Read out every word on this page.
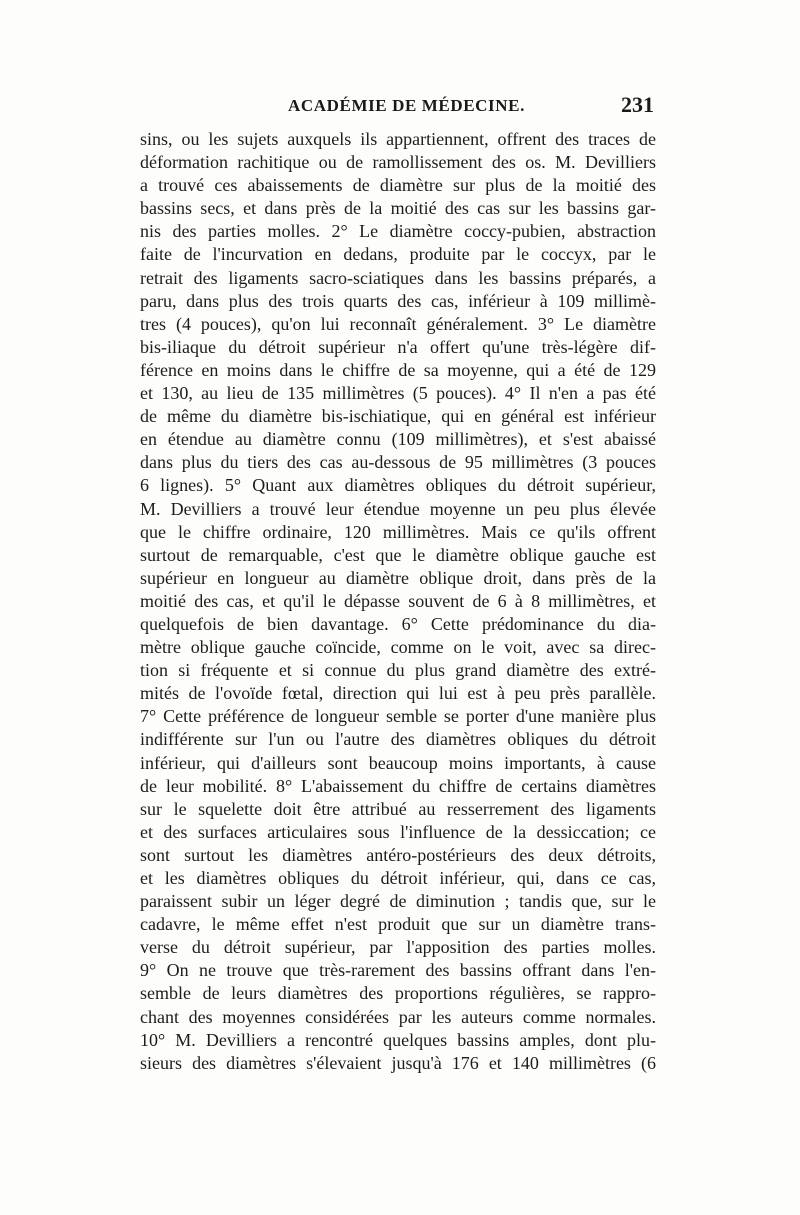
ACADÉMIE DE MÉDECINE.	231
sins, ou les sujets auxquels ils appartiennent, offrent des traces de
déformation rachitique ou de ramollissement des os. M. Devilliers
a trouvé ces abaissements de diamètre sur plus de la moitié des
bassins secs, et dans près de la moitié des cas sur les bassins gar-
nis des parties molles. 2° Le diamètre coccy-pubien, abstraction
faite de l'incurvation en dedans, produite par le coccyx, par le
retrait des ligaments sacro-sciatiques dans les bassins préparés, a
paru, dans plus des trois quarts des cas, inférieur à 109 millimè-
tres (4 pouces), qu'on lui reconnaît généralement. 3° Le diamètre
bis-iliaque du détroit supérieur n'a offert qu'une très-légère dif-
férence en moins dans le chiffre de sa moyenne, qui a été de 129
et 130, au lieu de 135 millimètres (5 pouces). 4° Il n'en a pas été
de même du diamètre bis-ischiatique, qui en général est inférieur
en étendue au diamètre connu (109 millimètres), et s'est abaissé
dans plus du tiers des cas au-dessous de 95 millimètres (3 pouces
6 lignes). 5° Quant aux diamètres obliques du détroit supérieur,
M. Devilliers a trouvé leur étendue moyenne un peu plus élevée
que le chiffre ordinaire, 120 millimètres. Mais ce qu'ils offrent
surtout de remarquable, c'est que le diamètre oblique gauche est
supérieur en longueur au diamètre oblique droit, dans près de la
moitié des cas, et qu'il le dépasse souvent de 6 à 8 millimètres, et
quelquefois de bien davantage. 6° Cette prédominance du dia-
mètre oblique gauche coïncide, comme on le voit, avec sa direc-
tion si fréquente et si connue du plus grand diamètre des extré-
mités de l'ovoïde fœtal, direction qui lui est à peu près parallèle.
7° Cette préférence de longueur semble se porter d'une manière plus
indifférente sur l'un ou l'autre des diamètres obliques du détroit
inférieur, qui d'ailleurs sont beaucoup moins importants, à cause
de leur mobilité. 8° L'abaissement du chiffre de certains diamètres
sur le squelette doit être attribué au resserrement des ligaments
et des surfaces articulaires sous l'influence de la dessiccation; ce
sont surtout les diamètres antéro-postérieurs des deux détroits,
et les diamètres obliques du détroit inférieur, qui, dans ce cas,
paraissent subir un léger degré de diminution ; tandis que, sur le
cadavre, le même effet n'est produit que sur un diamètre trans-
verse du détroit supérieur, par l'apposition des parties molles.
9° On ne trouve que très-rarement des bassins offrant dans l'en-
semble de leurs diamètres des proportions régulières, se rappro-
chant des moyennes considérées par les auteurs comme normales.
10° M. Devilliers a rencontré quelques bassins amples, dont plu-
sieurs des diamètres s'élevaient jusqu'à 176 et 140 millimètres (6
